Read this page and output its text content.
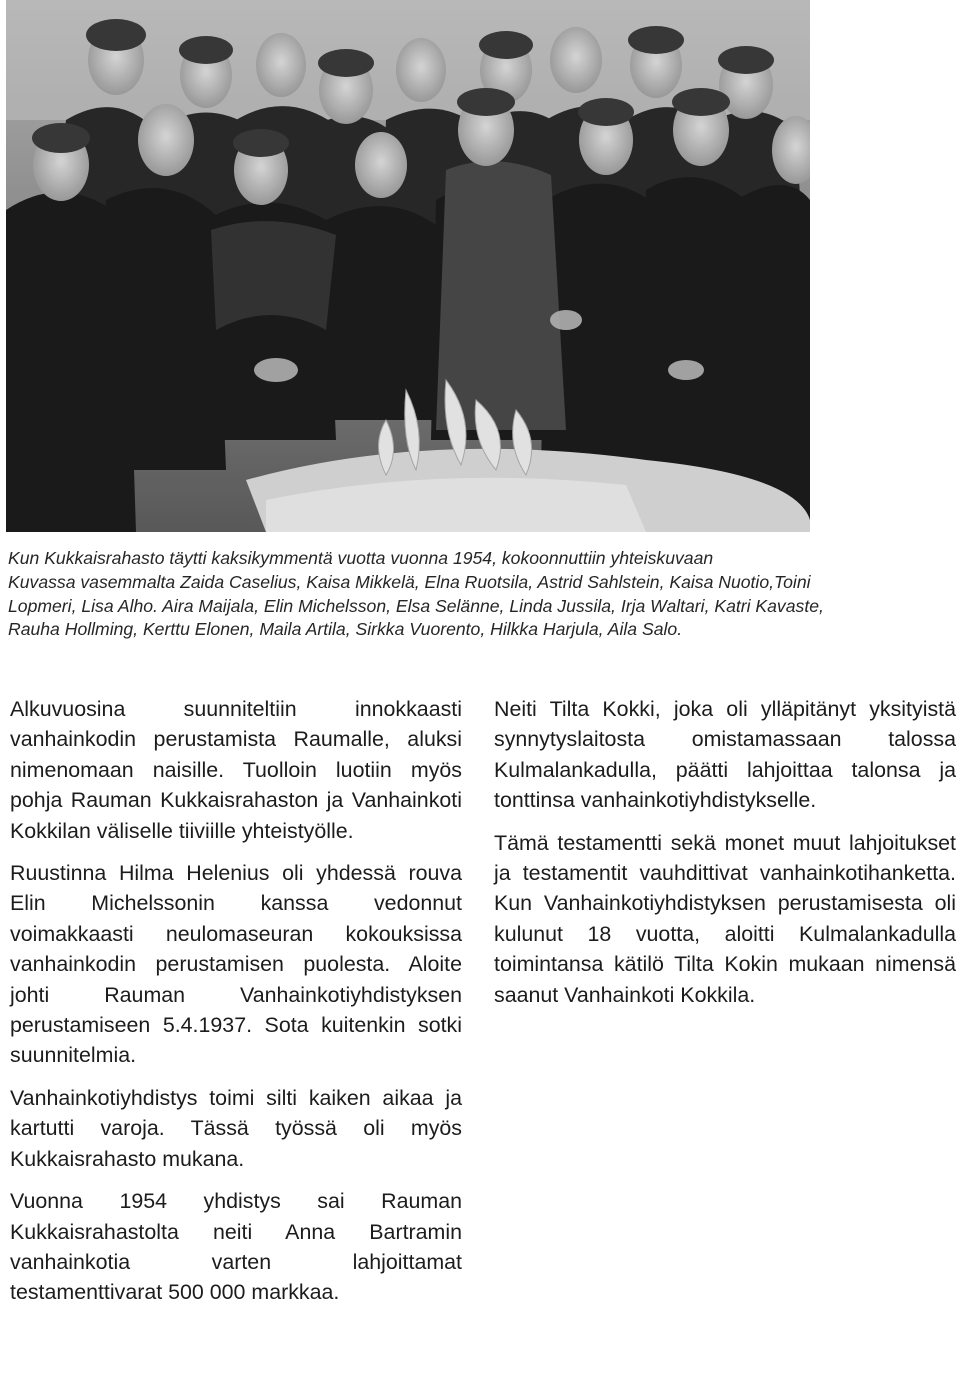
Kun Kukkaisrahasto täytti kaksikymmentä vuotta vuonna 1954, kokoonnuttiin yhteiskuvaan

Kuvassa vasemmalta Zaida Caselius, Kaisa Mikkelä, Elna Ruotsila, Astrid Sahlstein, Kaisa Nuotio,Toini

Lopmeri, Lisa Alho. Aira Maijala, Elin Michelsson, Elsa Selänne, Linda Jussila, Irja Waltari, Katri Kavaste,

Rauha Hollming, Kerttu Elonen, Maila Artila, Sirkka Vuorento, Hilkka Harjula, Aila Salo.

Alkuvuosina suunniteltiin innokkaasti vanhainkodin perustamista Raumalle, aluksi nimenomaan naisille. Tuolloin luotiin myös pohja Rauman Kukkaisrahaston ja Vanhainkoti Kokkilan väliselle tiiviille yhteistyölle.

Ruustinna Hilma Helenius oli yhdessä rouva Elin Michelssonin kanssa vedonnut voimakkaasti neulomaseuran kokouksissa vanhainkodin perustamisen puolesta. Aloite johti Rauman Vanhainkotiyhdistyksen perustamiseen 5.4.1937. Sota kuitenkin sotki suunnitelmia.

Vanhainkotiyhdistys toimi silti kaiken aikaa ja kartutti varoja. Tässä työssä oli myös Kukkaisrahasto mukana.

Vuonna 1954 yhdistys sai Rauman Kukkaisrahastolta neiti Anna Bartramin vanhainkotia varten lahjoittamat testamenttivarat 500 000 markkaa.

Neiti Tilta Kokki, joka oli ylläpitänyt yksityistä synnytyslaitosta omistamassaan talossa Kulmalankadulla, päätti lahjoittaa talonsa ja tonttinsa vanhainkotiyhdistykselle.

Tämä testamentti sekä monet muut lahjoitukset ja testamentit vauhdittivat vanhainkotihanketta. Kun Vanhainkotiyhdistyksen perustamisesta oli kulunut 18 vuotta, aloitti Kulmalankadulla toimintansa kätilö Tilta Kokin mukaan nimensä saanut Vanhainkoti Kokkila.
